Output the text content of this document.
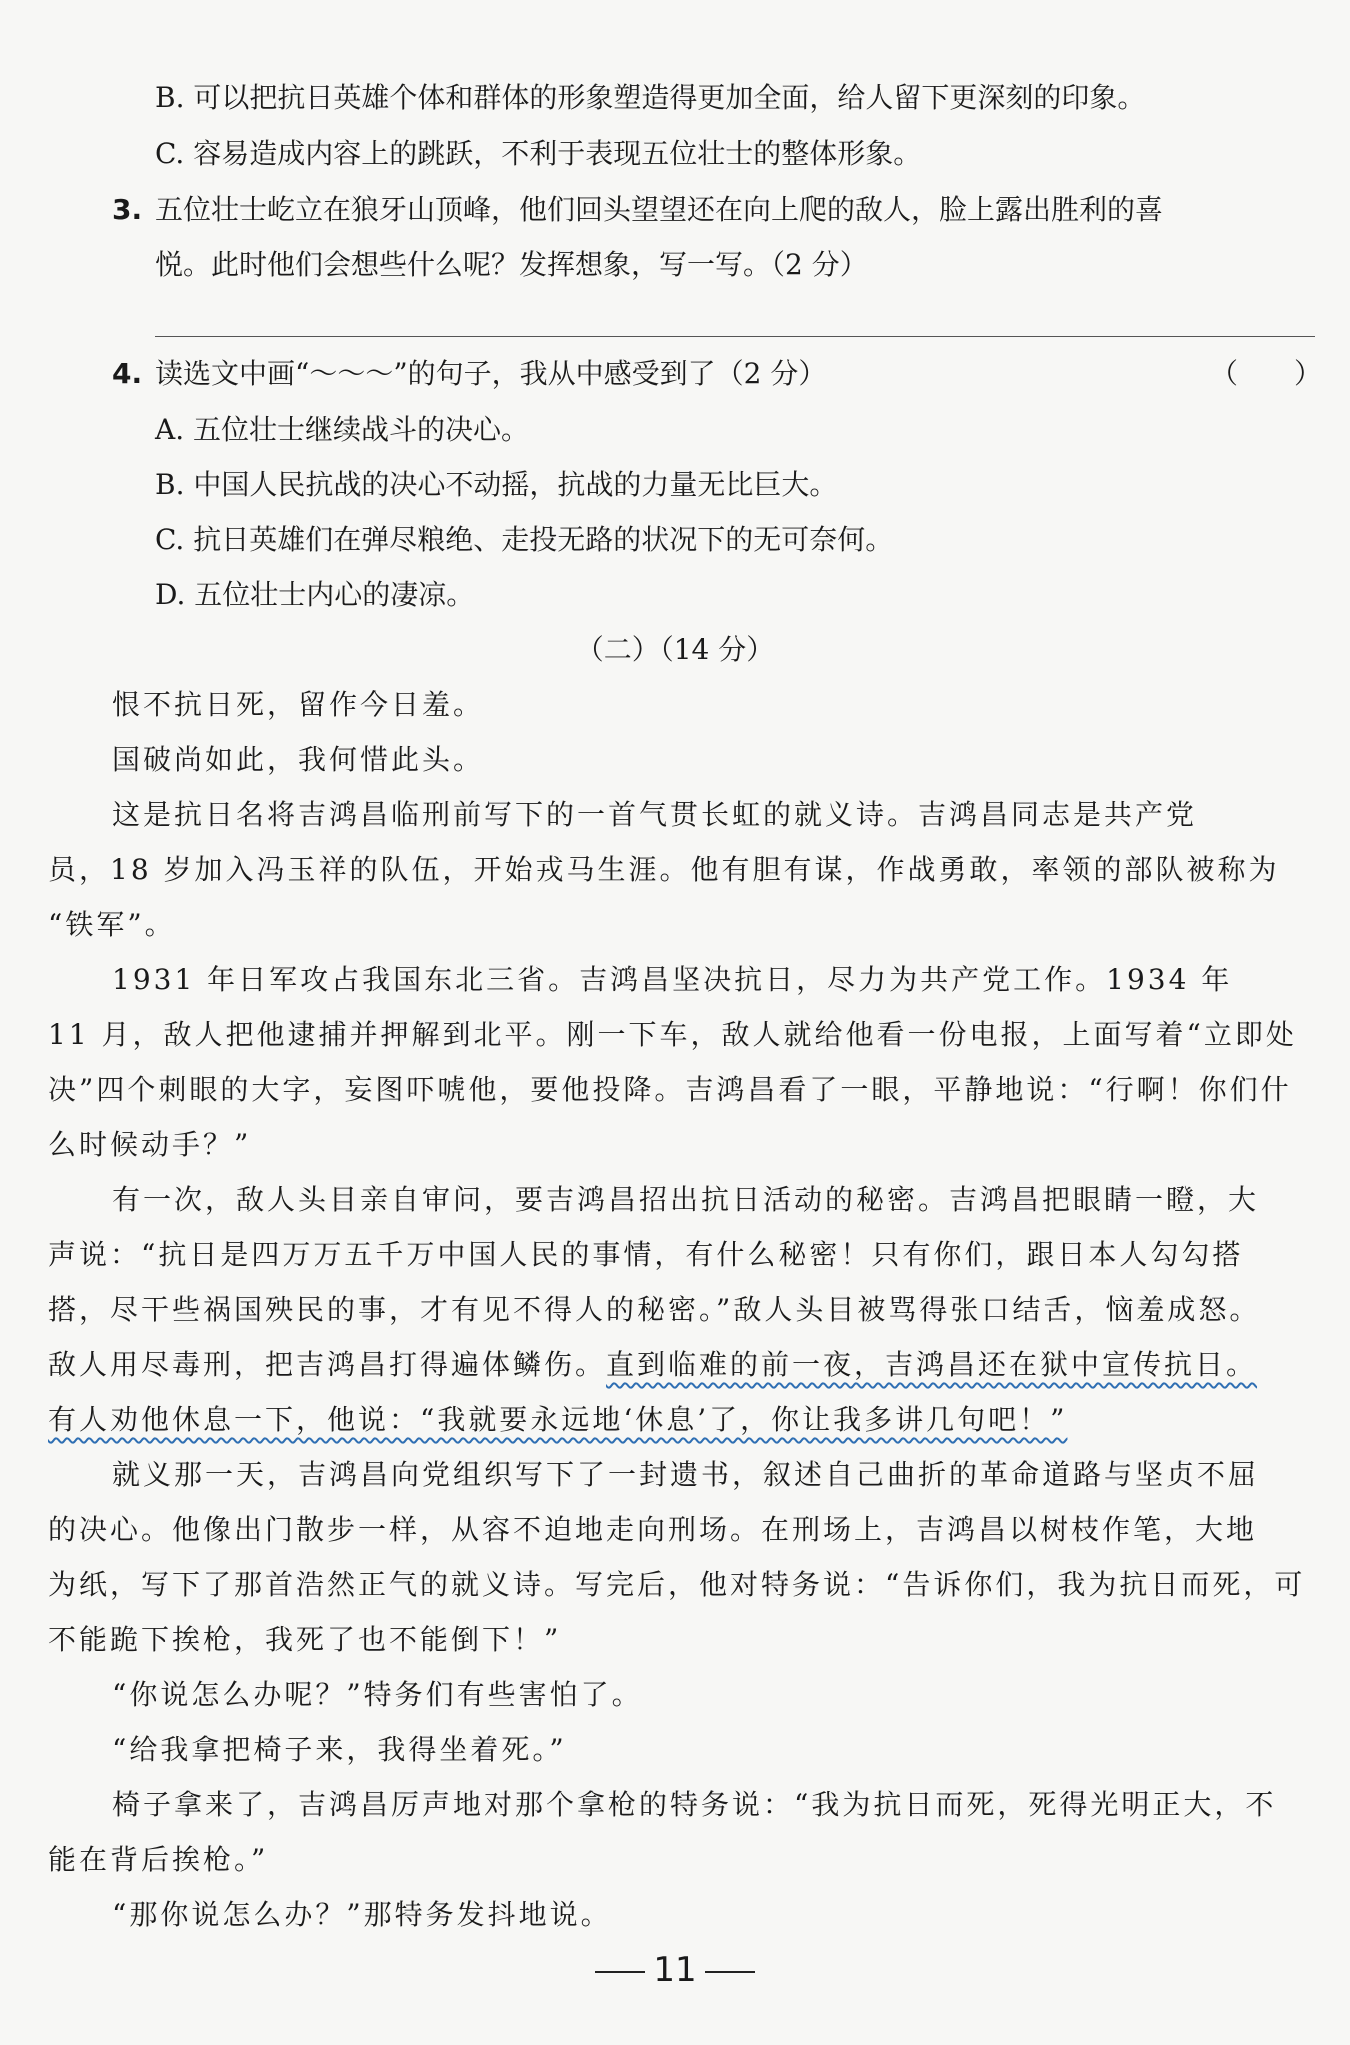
B. 可以把抗日英雄个体和群体的形象塑造得更加全面，给人留下更深刻的印象。
C. 容易造成内容上的跳跃，不利于表现五位壮士的整体形象。
3. 五位壮士屹立在狼牙山顶峰，他们回头望望还在向上爬的敌人，脸上露出胜利的喜
悦。此时他们会想些什么呢？发挥想象，写一写。（2 分）
4. 读选文中画“～～～”的句子，我从中感受到了（2 分）	（　　）
A. 五位壮士继续战斗的决心。
B. 中国人民抗战的决心不动摇，抗战的力量无比巨大。
C. 抗日英雄们在弹尽粮绝、走投无路的状况下的无可奈何。
D. 五位壮士内心的凄凉。
（二）（14 分）
恨不抗日死，留作今日羞。
国破尚如此，我何惜此头。
这是抗日名将吉鸿昌临刑前写下的一首气贯长虹的就义诗。吉鸿昌同志是共产党
员，18 岁加入冯玉祥的队伍，开始戎马生涯。他有胆有谋，作战勇敢，率领的部队被称为
“铁军”。
1931 年日军攻占我国东北三省。吉鸿昌坚决抗日，尽力为共产党工作。1934 年
11 月，敌人把他逮捕并押解到北平。刚一下车，敌人就给他看一份电报，上面写着“立即处
决”四个刺眼的大字，妄图吓唬他，要他投降。吉鸿昌看了一眼，平静地说：“行啊！你们什
么时候动手？”
有一次，敌人头目亲自审问，要吉鸿昌招出抗日活动的秘密。吉鸿昌把眼睛一瞪，大
声说：“抗日是四万万五千万中国人民的事情，有什么秘密！只有你们，跟日本人勾勾搭
搭，尽干些祸国殃民的事，才有见不得人的秘密。”敌人头目被骂得张口结舌，恼羞成怒。
敌人用尽毒刑，把吉鸿昌打得遍体鳞伤。直到临难的前一夜，吉鸿昌还在狱中宣传抗日。
有人劝他休息一下，他说：“我就要永远地‘休息’了，你让我多讲几句吧！”
就义那一天，吉鸿昌向党组织写下了一封遗书，叙述自己曲折的革命道路与坚贞不屈
的决心。他像出门散步一样，从容不迫地走向刑场。在刑场上，吉鸿昌以树枝作笔，大地
为纸，写下了那首浩然正气的就义诗。写完后，他对特务说：“告诉你们，我为抗日而死，可
不能跪下挨枪，我死了也不能倒下！”
“你说怎么办呢？”特务们有些害怕了。
“给我拿把椅子来，我得坐着死。”
椅子拿来了，吉鸿昌厉声地对那个拿枪的特务说：“我为抗日而死，死得光明正大，不
能在背后挨枪。”
“那你说怎么办？”那特务发抖地说。
11
